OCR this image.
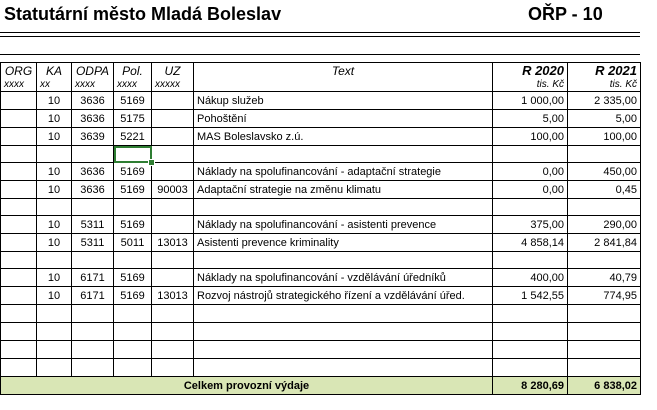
Statutární město Mladá Boleslav	OŘP - 10
ORG	KA	ODPA	Pol.	UZ	Text	R 2020	R 2021
xxxx	xx	xxxx	xxxx	xxxxx		tis. Kč	tis. Kč
	10	3636	5169		Nákup služeb	1 000,00	2 335,00
	10	3636	5175		Pohoštění	5,00	5,00
	10	3639	5221		MAS Boleslavsko z.ú.	100,00	100,00

	10	3636	5169		Náklady na spolufinancování - adaptační strategie	0,00	450,00
	10	3636	5169	90003	Adaptační strategie na změnu klimatu	0,00	0,45

	10	5311	5169		Náklady na spolufinancování - asistenti prevence	375,00	290,00
	10	5311	5011	13013	Asistenti prevence kriminality	4 858,14	2 841,84

	10	6171	5169		Náklady na spolufinancování - vzdělávání úředníků	400,00	40,79
	10	6171	5169	13013	Rozvoj nástrojů strategického řízení a vzdělávání úřed.	1 542,55	774,95

Celkem provozní výdaje						8 280,69	6 838,02
